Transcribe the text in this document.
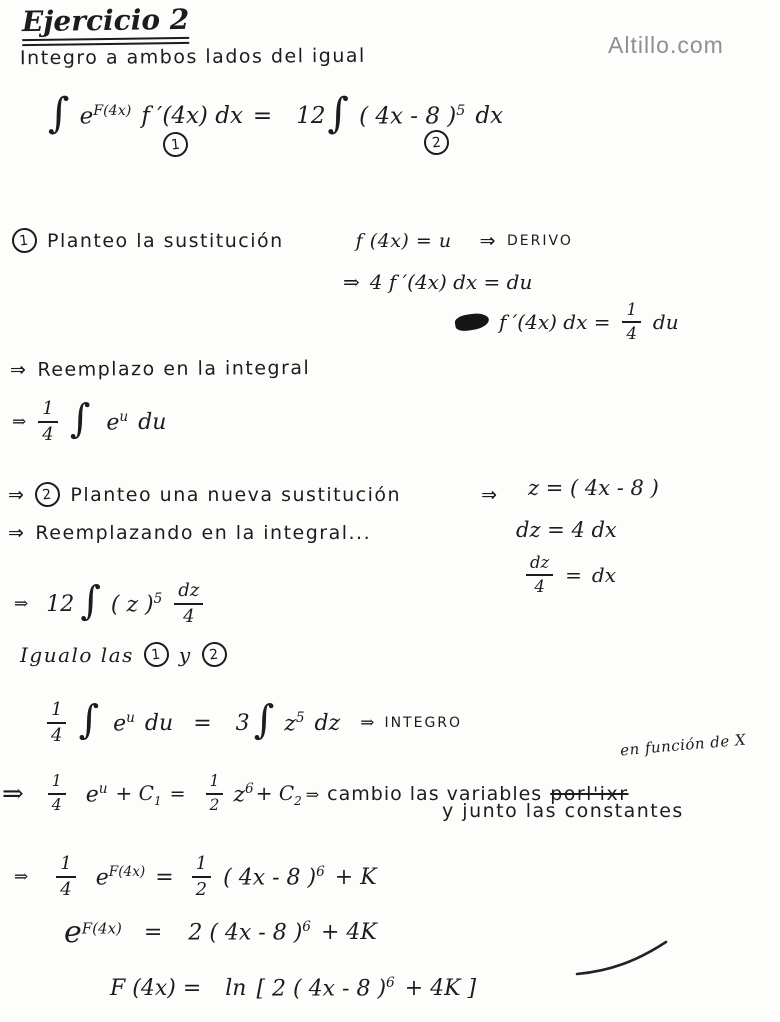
Ejercicio 2
Altillo.com
Integro a ambos lados del igual
∫ $e^{F(4x)}$ f ′(4x) dx = 12 ∫ ( 4x - 8 )$^5$ dx
1	2
1 Planteo la sustitución	f (4x) = u ⇒ DERIVO
⇒ 4 f ′(4x) dx = du
f ′(4x) dx = $\frac{1}{4}$ du
⇒ Reemplazo en la integral
⇒ $\frac{1}{4}$ ∫ $e^u$ du
⇒	2 Planteo una nueva sustitución	⇒ z = ( 4x - 8 )
⇒ Reemplazando en la integral...	dz = 4 dx
$\frac{dz}{4}$ = dx
⇒ 12 ∫ ( z )$^5 \frac{dz}{4}$
Igualo las	1 y	2
$\frac{1}{4}$ ∫ $e^u$ du = 3 ∫ $z^5$ dz ⇒ INTEGRO
en función de X
⇒ $\frac{1}{4} e^u + C_1 = \frac{1}{2} z^6 + C_2$ ⇒ cambio las variables porl'ixr
y junto las constantes
⇒ $\frac{1}{4} e^{F(4x)} = \frac{1}{2}$ ( 4x - 8 )$^6$ + K
$e^{F(4x)} = 2$ ( 4x - 8 )$^6$ + 4K
F (4x) = ln [ 2 ( 4x - 8 )$^6$ + 4K ]
